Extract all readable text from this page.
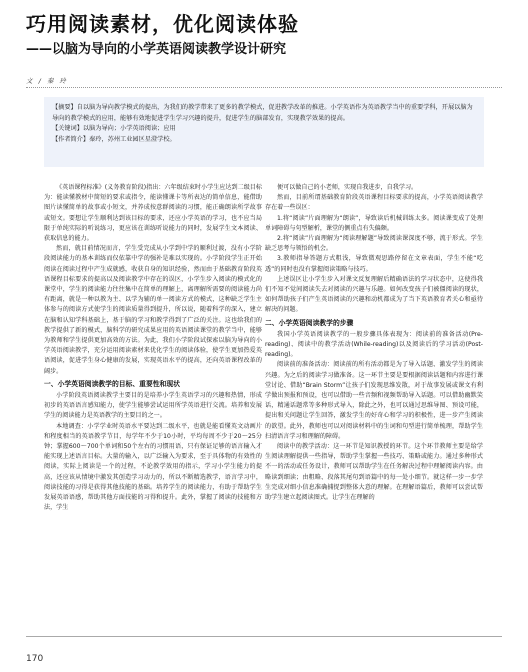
巧用阅读素材，优化阅读体验
——以脑为导向的小学英语阅读教学设计研究
文 / 秦 玲

【摘要】自以脑为导向教学模式的提出，为我们的教学带来了更多的教学模式，促进教学改革的推进。小学英语作为英语教学当中的重要学科，开展以脑为导向的教学模式的应用，能够有效地促进学生学习兴趣的提升，促进学生的脑部发育，实现教学效果的提高。

【关键词】以脑为导向；小学英语阅读；应用

【作者简介】秦玲，苏州工业园区星澄学校。

《英语课程标准》(义务教育阶段)指出：六年级结束时小学生应达到二级目标为：能读懂教材中简短的要求或指令，能读懂课卡等所表达的简单信息，能借助图片读懂简单的故事或小短文，并养成按意群阅读的习惯，能正确朗读所学故事或短文。要想让学生顺利达到该目标的要求，还应小学英语的学习，也不应当局限于单纯实际的听说练习，更应该在训练听说能力的同时，发展学生文本阅读、获取信息的能力。

然而，就目前情况而言，学生受完成从小学到中学的顺利过渡，没有小学阶段阅读能力的基本训练而仅依靠中学的强补是难以实现的。小学阶段学生正开始阅读在阅读过程中产生成就感，收获自身的知识经验，然而由于基础教育阶段英语课程目标要求的提高以及阅读教学中存在的误区，小学生步入阅读的模式化的课堂中，学生的阅读能力往往集中在简单的理解上，离理解所需要的阅读能力尚有距离，就是一种以教为主、以学为辅的单一阅读方式的模式，这种缺乏学生主体参与的阅读方式使学生的阅读质量得到提升，所以说，随着科学的深入，建立在脑和认知学科基础上，基于脑的学习和教学得到了广泛的关注。这也给我们的教学提供了新的模式，脑科学的研究成果应用的英语阅读课堂的教学当中，能够为教师和学生提供更加高效的方法。为此，我们小学阶段试探索以脑为导向的小学英语阅读教学，充分运用阅读素材来优化学生的阅读体验，使学生更加热爱英语阅读，促进学生身心健康的发展，实现英语水平的提高，还向英语课程改革的阔步。

一、小学英语阅读教学的目标、重要性和现状

小学阶段英语阅读教学主要目的是培养小学生英语学习的兴趣和热情，形成初步的英语语言感知能力，使学生能够尝试运用所学英语进行交流。培养和发展学生的阅读能力是英语教学的主要目的之一。

本地调查：小学学业时英语水平要达到二级水平，也就是能看懂英文动画片和程度相当的英语教学节目，每学年不少于10小时，平均每周不少于20～25分钟；掌握600～700个单词和50个左右的习惯用语，只有保证足够的语言输入才能实现上述语言目标。大量的输入，以广泛输入为要求，至于具体物的有效性的阅读，实际上阅读是一个的过程，不论教学效用的指示，学习小学生能力的提高，还应该从情境中激发其创造学习动力的，所以不断精选教学，语言学习中，阅读技能的习得是获得其他技能的基础。培养学生的阅读能力，有助于帮助学生发展英语语感，帮助其他方面技能的习得和提升。此外，掌握了阅读的技能和方法，学生

便可以做自己的小老师，实现自我进步，自我学习。

然而，目前所谓基础教育阶段英语课程目标要求的提高，小学英语阅读教学存在着一些误区：

1.将“阅读”片面理解为“朗读”，导致读后机械训练太多。阅读课变成了处理单词障碍与句型解析，课堂的侧重点有失偏颇。

2.将“阅读”片面理解为“阅读理解题”导致阅读课深度不够，流于形式。学生缺乏思考与领悟的机会。

3.教师指导答题方式粗浅，导致微观思路停留在文章表面，学生不能“吃透”的同时也没有掌握阅读策略与技巧。

上述误区让小学生步入对课文反复理解后精确语法的学习状态中，这使得我们不知不觉间阅读失去对阅读的兴趣与乐趣。如何改变孩子们被僵阅读的现状，如何帮助孩子们产生英语阅读的兴趣和动机都成为了当下英语教育者关心和亟待解决的问题。

二、小学英语阅读教学的步骤

我国小学英语阅读教学的一般步骤具体表现为：阅读前的准备活动(Pre-reading)、阅读中的教学活动(While-reading)以及阅读后的学习活动(Post-reading)。

阅读前的准备活动：阅读前的所有活动都是为了导入话题、激发学生的阅读兴趣。为之后的阅读学习做准备。这一环节主要是要根据阅读话题和内容进行课堂讨论、借助“Brain Storm”让孩子们发现思维发散，对于故事发展或课文有利学做出预报和预设，也可以借助一些音频和视频帮助导入话题。可以借助幽默笑话，精通话题常等多种形式导入，除此之外，也可以通过思维导图、预设可能，提出和关问题让学生回答，激发学生的好奇心和学习的积极性，进一步产生阅读的欲望。此外，教师也可以对阅读材料中的生词和句型进行简单梳理，帮助学生扫清语言学习和理解的障碍。

阅读中的教学活动：这一环节是知识教授的环节。这个环节教师主要是给学生阅读理解提供一些指导，帮助学生掌握一些技巧、策略或能力。通过多种形式不一的活动或任务设计，教师可以帮助学生在任务解决过程中理解阅读内容。由略读到细读；由粗略、段落其尾句到语篇中的每一处小细节。就这样一步一步学生完成对细小信息准确捕捉到整体大意的理解。在理解语篇后，教师可以尝试帮助学生建立起阅读图式。让学生在理解的

170
